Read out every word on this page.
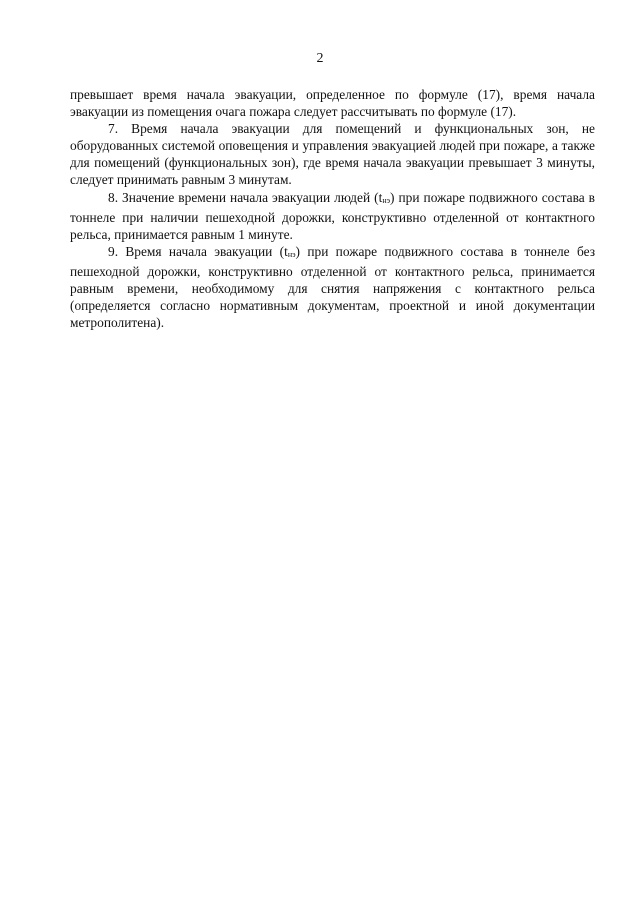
2

превышает время начала эвакуации, определенное по формуле (17), время начала эвакуации из помещения очага пожара следует рассчитывать по формуле (17).

7. Время начала эвакуации для помещений и функциональных зон, не оборудованных системой оповещения и управления эвакуацией людей при пожаре, а также для помещений (функциональных зон), где время начала эвакуации превышает 3 минуты, следует принимать равным 3 минутам.

8. Значение времени начала эвакуации людей (tнэ) при пожаре подвижного состава в тоннеле при наличии пешеходной дорожки, конструктивно отделенной от контактного рельса, принимается равным 1 минуте.

9. Время начала эвакуации (tнэ) при пожаре подвижного состава в тоннеле без пешеходной дорожки, конструктивно отделенной от контактного рельса, принимается равным времени, необходимому для снятия напряжения с контактного рельса (определяется согласно нормативным документам, проектной и иной документации метрополитена).
